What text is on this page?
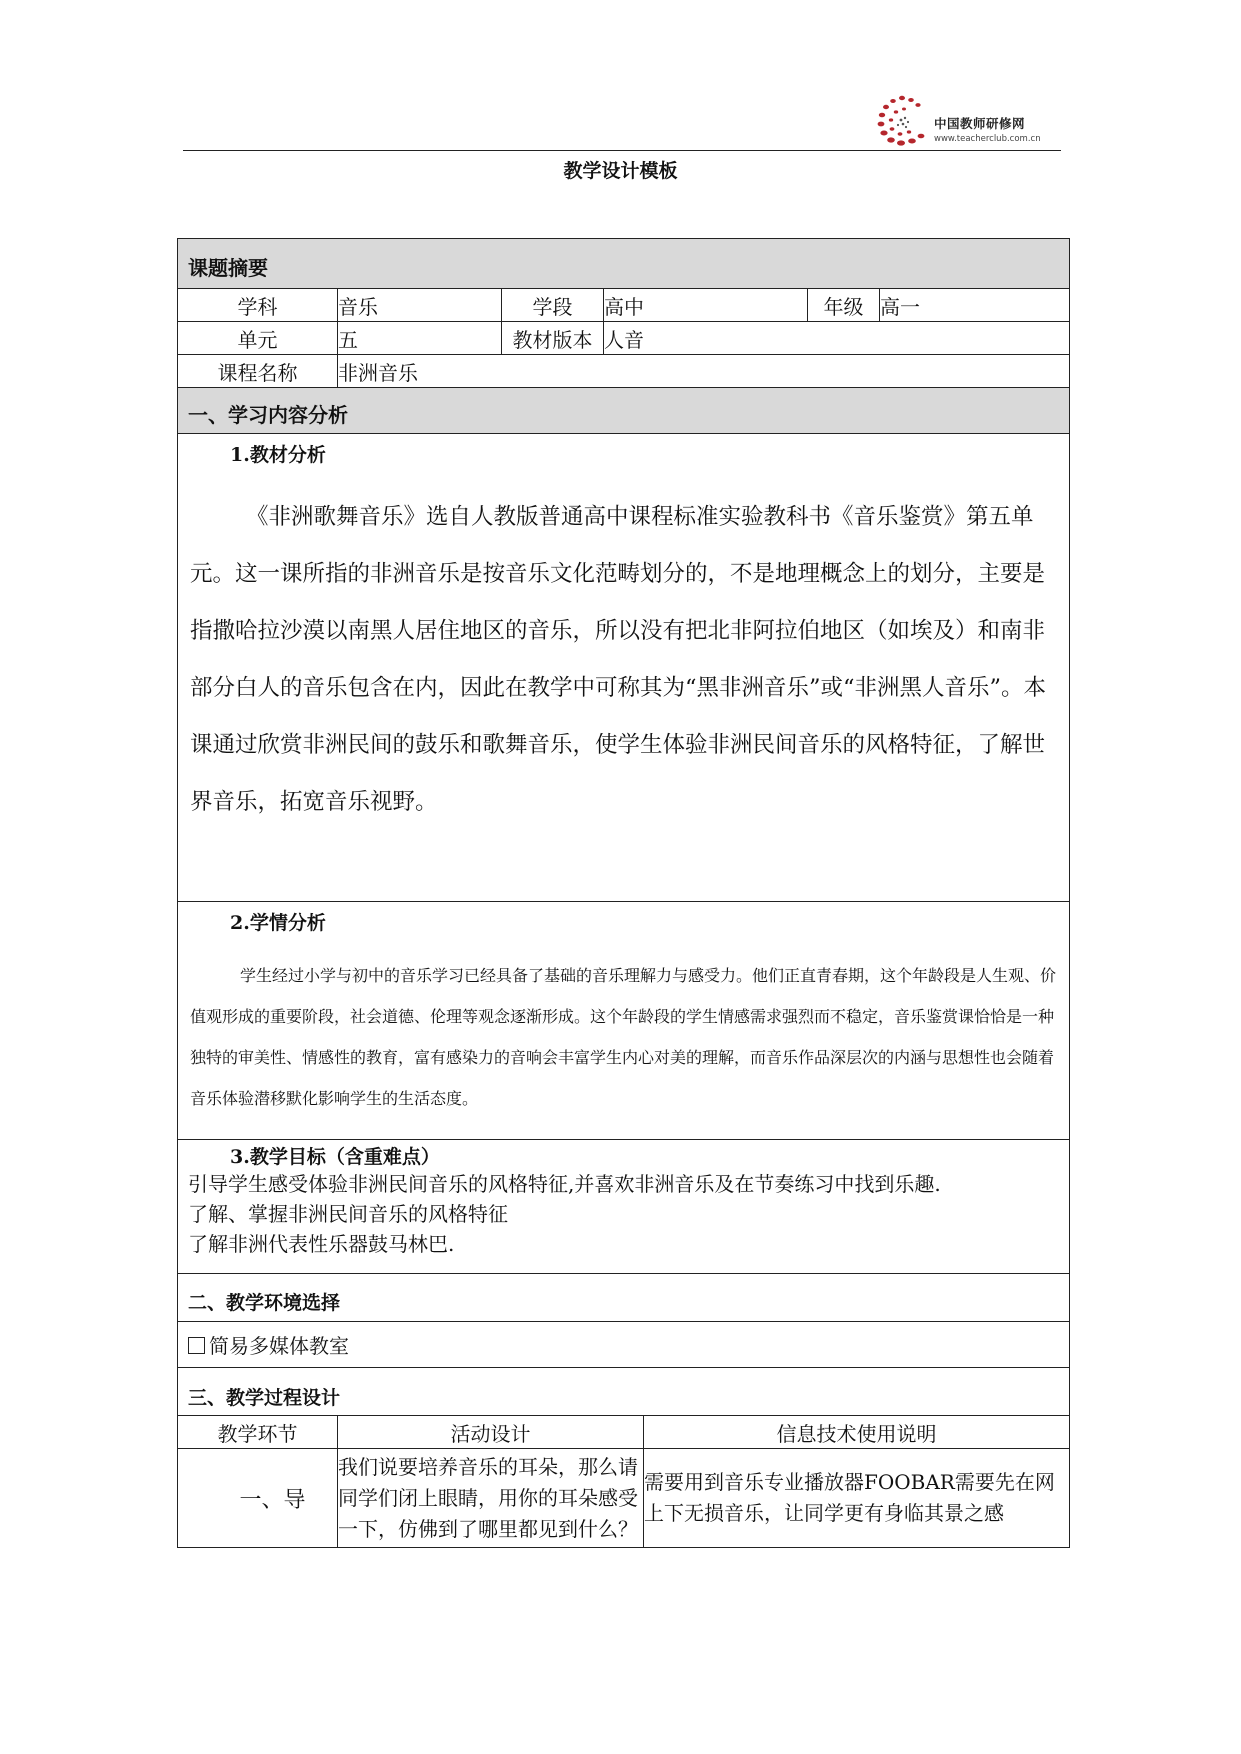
中国教师研修网
www.teacherclub.com.cn
教学设计模板
课题摘要						

学科	音乐	学段	高中		年级	高一
单元	五	教材版本	人音			
课程名称	非洲音乐					

一、学习内容分析						

1.教材分析

《非洲歌舞音乐》选自人教版普通高中课程标准实验教科书《音乐鉴赏》第五单元。这一课所指的非洲音乐是按音乐文化范畴划分的，不是地理概念上的划分，主要是指撒哈拉沙漠以南黑人居住地区的音乐，所以没有把北非阿拉伯地区（如埃及）和南非部分白人的音乐包含在内，因此在教学中可称其为“黑非洲音乐”或“非洲黑人音乐”。本课通过欣赏非洲民间的鼓乐和歌舞音乐，使学生体验非洲民间音乐的风格特征，了解世界音乐，拓宽音乐视野。						

2.学情分析

学生经过小学与初中的音乐学习已经具备了基础的音乐理解力与感受力。他们正直青春期，这个年龄段是人生观、价值观形成的重要阶段，社会道德、伦理等观念逐渐形成。这个年龄段的学生情感需求强烈而不稳定，音乐鉴赏课恰恰是一种独特的审美性、情感性的教育，富有感染力的音响会丰富学生内心对美的理解，而音乐作品深层次的内涵与思想性也会随着音乐体验潜移默化影响学生的生活态度。						

3.教学目标（含重难点）
引导学生感受体验非洲民间音乐的风格特征,并喜欢非洲音乐及在节奏练习中找到乐趣.
了解、掌握非洲民间音乐的风格特征
了解非洲代表性乐器鼓马林巴.						

二、教学环境选择						
简易多媒体教室						
三、教学过程设计						
教学环节	活动设计			信息技术使用说明		
一、导	我们说要培养音乐的耳朵，那么请同学们闭上眼睛，用你的耳朵感受一下，仿佛到了哪里都见到什么？			需要用到音乐专业播放器FOOBAR需要先在网上下无损音乐，让同学更有身临其景之感		
